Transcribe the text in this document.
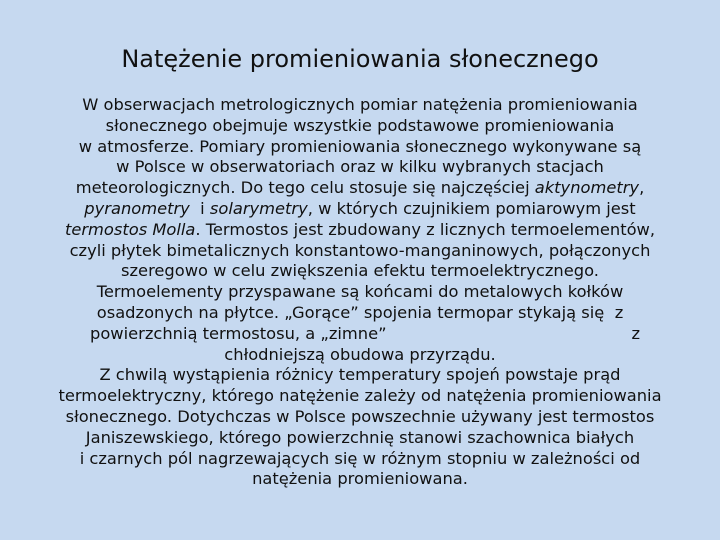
Natężenie promieniowania słonecznego
W obserwacjach metrologicznych pomiar natężenia promieniowania
słonecznego obejmuje wszystkie podstawowe promieniowania
w atmosferze. Pomiary promieniowania słonecznego wykonywane są
w Polsce w obserwatoriach oraz w kilku wybranych stacjach
meteorologicznych. Do tego celu stosuje się najczęściej aktynometry,
pyranometry  i solarymetry, w których czujnikiem pomiarowym jest
termostos Molla. Termostos jest zbudowany z licznych termoelementów,
czyli płytek bimetalicznych konstantowo-manganinowych, połączonych
szeregowo w celu zwiększenia efektu termoelektrycznego.
Termoelementy przyspawane są końcami do metalowych kołków
osadzonych na płytce. „Gorące” spojenia termopar stykają się z
powierzchnią termostosu, a „zimne”	z
chłodniejszą obudowa przyrządu.
Z chwilą wystąpienia różnicy temperatury spojeń powstaje prąd
termoelektryczny, którego natężenie zależy od natężenia promieniowania
słonecznego. Dotychczas w Polsce powszechnie używany jest termostos
Janiszewskiego, którego powierzchnię stanowi szachownica białych
i czarnych pól nagrzewających się w różnym stopniu w zależności od
natężenia promieniowana.
